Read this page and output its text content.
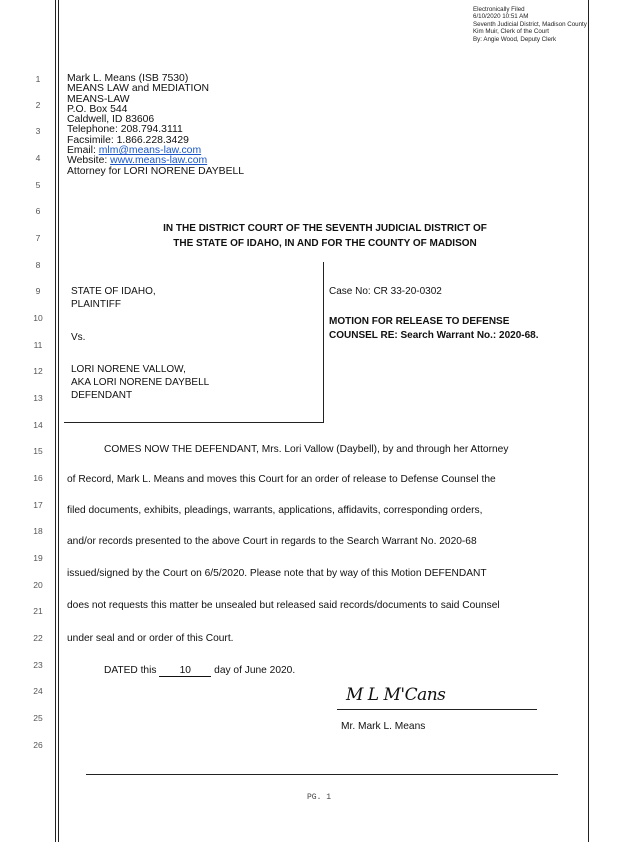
Electronically Filed
6/10/2020 10:51 AM
Seventh Judicial District, Madison County
Kim Muir, Clerk of the Court
By: Angie Wood, Deputy Clerk
1
2
3
4
5
6
7
8
9
10
11
12
13
14
15
16
17
18
19
20
21
22
23
24
25
26
Mark L. Means (ISB 7530)
MEANS LAW and MEDIATION
MEANS-LAW
P.O. Box 544
Caldwell, ID 83606
Telephone: 208.794.3111
Facsimile: 1.866.228.3429
Email: mlm@means-law.com
Website: www.means-law.com
Attorney for LORI NORENE DAYBELL
IN THE DISTRICT COURT OF THE SEVENTH JUDICIAL DISTRICT OF
THE STATE OF IDAHO, IN AND FOR THE COUNTY OF MADISON
STATE OF IDAHO,
PLAINTIFF
Vs.
LORI NORENE VALLOW,
AKA LORI NORENE DAYBELL
DEFENDANT
Case No: CR 33-20-0302
MOTION FOR RELEASE TO DEFENSE
COUNSEL RE: Search Warrant No.: 2020-68.
COMES NOW THE DEFENDANT, Mrs. Lori Vallow (Daybell), by and through her Attorney
of Record, Mark L. Means and moves this Court for an order of release to Defense Counsel the
filed documents, exhibits, pleadings, warrants, applications, affidavits, corresponding orders,
and/or records presented to the above Court in regards to the Search Warrant No. 2020-68
issued/signed by the Court on 6/5/2020. Please note that by way of this Motion DEFENDANT
does not requests this matter be unsealed but released said records/documents to said Counsel
under seal and or order of this Court.
DATED this 10 day of June 2020.
M L M'Cans
Mr. Mark L. Means
PG. 1
